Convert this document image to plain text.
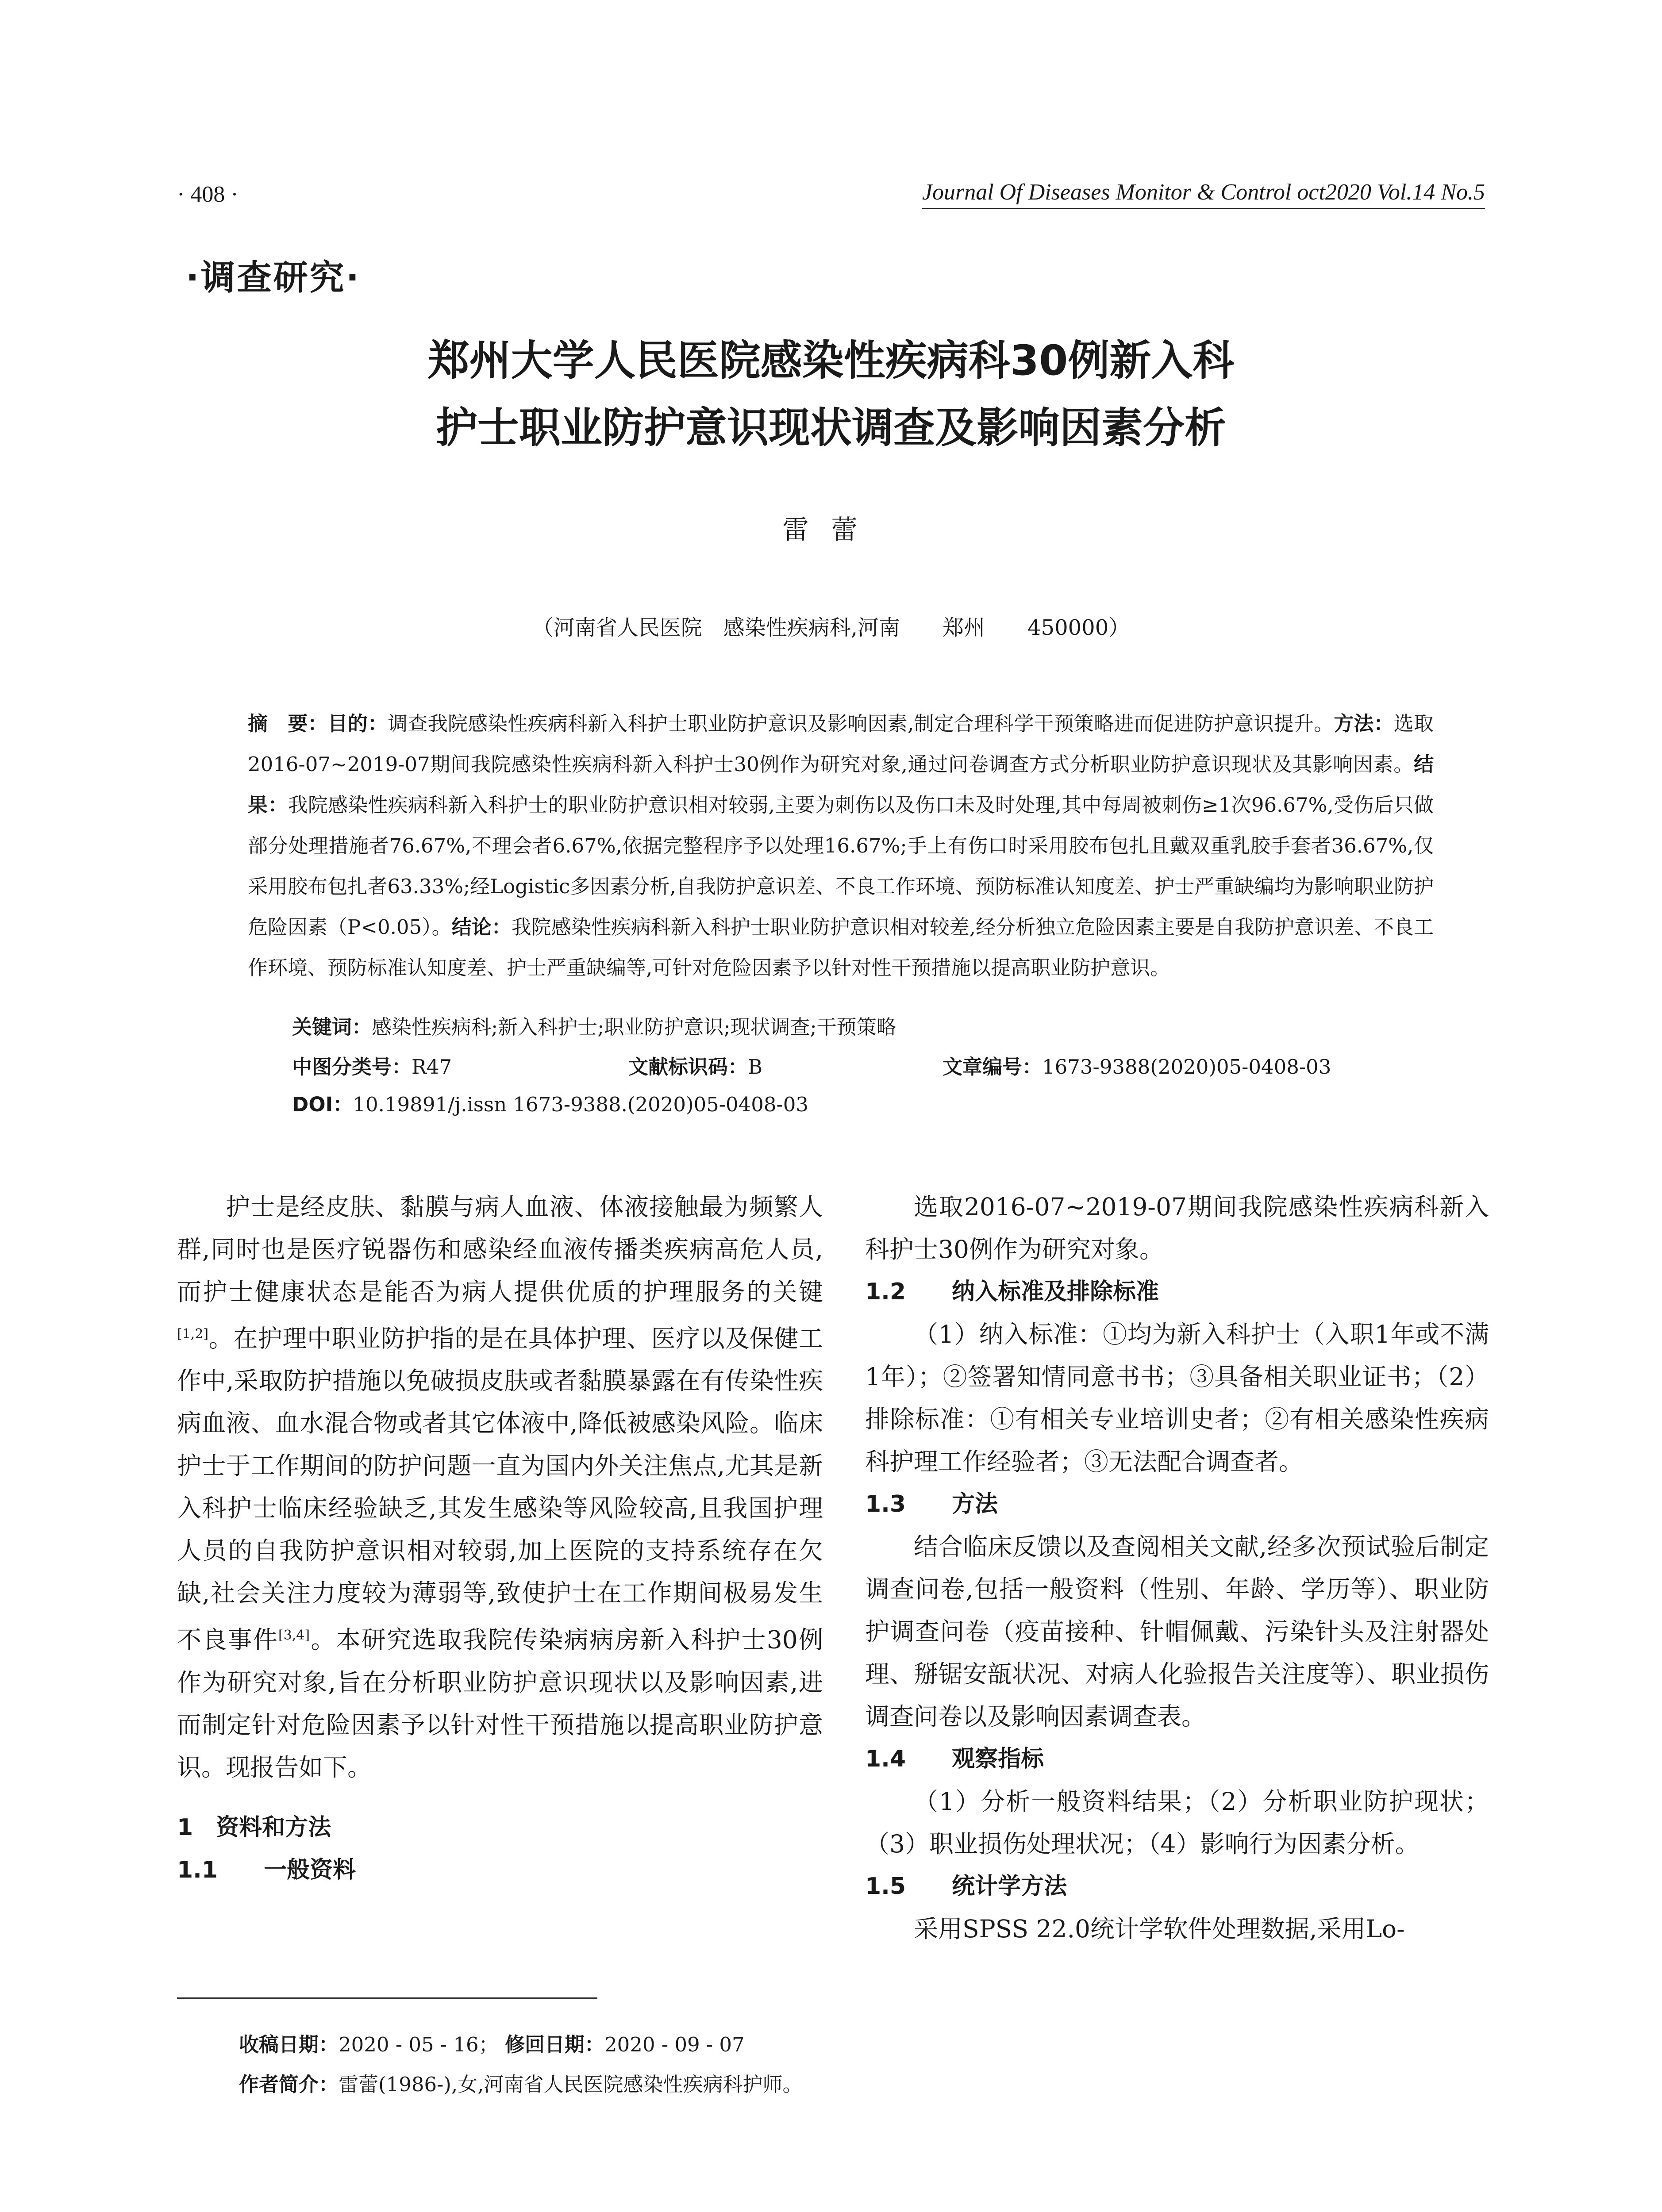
· 408 ·	Journal Of Diseases Monitor & Control oct2020 Vol.14 No.5
·调查研究·
郑州大学人民医院感染性疾病科30例新入科
护士职业防护意识现状调查及影响因素分析
雷蕾
（河南省人民医院　感染性疾病科,河南　　郑州　　450000）
摘　要：目的：调查我院感染性疾病科新入科护士职业防护意识及影响因素,制定合理科学干预策略进而促进防护意识提升。方法：选取2016-07~2019-07期间我院感染性疾病科新入科护士30例作为研究对象,通过问卷调查方式分析职业防护意识现状及其影响因素。结果：我院感染性疾病科新入科护士的职业防护意识相对较弱,主要为刺伤以及伤口未及时处理,其中每周被刺伤≥1次96.67%,受伤后只做部分处理措施者76.67%,不理会者6.67%,依据完整程序予以处理16.67%;手上有伤口时采用胶布包扎且戴双重乳胶手套者36.67%,仅采用胶布包扎者63.33%;经Logistic多因素分析,自我防护意识差、不良工作环境、预防标准认知度差、护士严重缺编均为影响职业防护危险因素（P<0.05）。结论：我院感染性疾病科新入科护士职业防护意识相对较差,经分析独立危险因素主要是自我防护意识差、不良工作环境、预防标准认知度差、护士严重缺编等,可针对危险因素予以针对性干预措施以提高职业防护意识。
关键词：感染性疾病科;新入科护士;职业防护意识;现状调查;干预策略
中图分类号：R47	文献标识码：B	文章编号：1673-9388(2020)05-0408-03
DOI：10.19891/j.issn 1673-9388.(2020)05-0408-03

护士是经皮肤、黏膜与病人血液、体液接触最为频繁人群,同时也是医疗锐器伤和感染经血液传播类疾病高危人员,而护士健康状态是能否为病人提供优质的护理服务的关键[1,2]。在护理中职业防护指的是在具体护理、医疗以及保健工作中,采取防护措施以免破损皮肤或者黏膜暴露在有传染性疾病血液、血水混合物或者其它体液中,降低被感染风险。临床护士于工作期间的防护问题一直为国内外关注焦点,尤其是新入科护士临床经验缺乏,其发生感染等风险较高,且我国护理人员的自我防护意识相对较弱,加上医院的支持系统存在欠缺,社会关注力度较为薄弱等,致使护士在工作期间极易发生不良事件[3,4]。本研究选取我院传染病病房新入科护士30例作为研究对象,旨在分析职业防护意识现状以及影响因素,进而制定针对危险因素予以针对性干预措施以提高职业防护意识。现报告如下。

1　资料和方法

1.1　　一般资料

选取2016-07~2019-07期间我院感染性疾病科新入科护士30例作为研究对象。

1.2　　纳入标准及排除标准

（1）纳入标准：①均为新入科护士（入职1年或不满1年）；②签署知情同意书书；③具备相关职业证书；（2）排除标准：①有相关专业培训史者；②有相关感染性疾病科护理工作经验者；③无法配合调查者。

1.3　　方法

结合临床反馈以及查阅相关文献,经多次预试验后制定调查问卷,包括一般资料（性别、年龄、学历等）、职业防护调查问卷（疫苗接种、针帽佩戴、污染针头及注射器处理、掰锯安瓿状况、对病人化验报告关注度等）、职业损伤调查问卷以及影响因素调查表。

1.4　　观察指标

（1）分析一般资料结果；（2）分析职业防护现状；（3）职业损伤处理状况；（4）影响行为因素分析。

1.5　　统计学方法

采用SPSS 22.0统计学软件处理数据,采用Lo-

收稿日期：2020 - 05 - 16； 修回日期：2020 - 09 - 07
作者简介：雷蕾(1986-),女,河南省人民医院感染性疾病科护师。
